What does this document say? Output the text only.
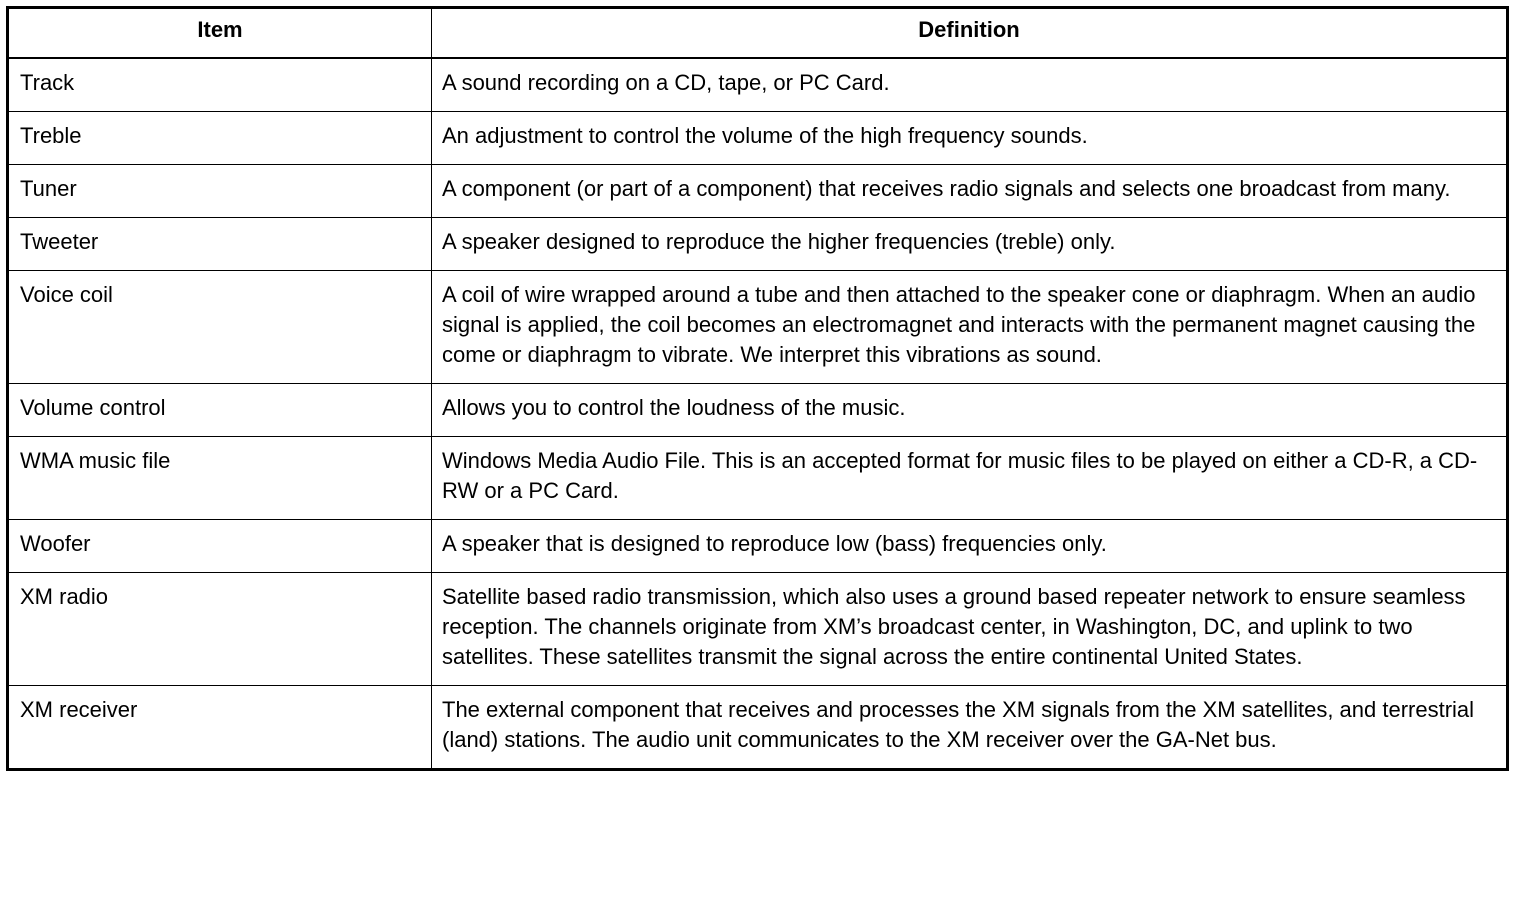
Item	Definition
Track	A sound recording on a CD, tape, or PC Card.
Treble	An adjustment to control the volume of the high frequency sounds.
Tuner	A component (or part of a component) that receives radio signals and selects one broadcast from many.
Tweeter	A speaker designed to reproduce the higher frequencies (treble) only.
Voice coil	A coil of wire wrapped around a tube and then attached to the speaker cone or diaphragm. When an audio signal is applied, the coil becomes an electromagnet and interacts with the permanent magnet causing the come or diaphragm to vibrate. We interpret this vibrations as sound.
Volume control	Allows you to control the loudness of the music.
WMA music file	Windows Media Audio File. This is an accepted format for music files to be played on either a CD-R, a CD-RW or a PC Card.
Woofer	A speaker that is designed to reproduce low (bass) frequencies only.
XM radio	Satellite based radio transmission, which also uses a ground based repeater network to ensure seamless reception. The channels originate from XM’s broadcast center, in Washington, DC, and uplink to two satellites. These satellites transmit the signal across the entire continental United States.
XM receiver	The external component that receives and processes the XM signals from the XM satellites, and terrestrial (land) stations. The audio unit communicates to the XM receiver over the GA-Net bus.
